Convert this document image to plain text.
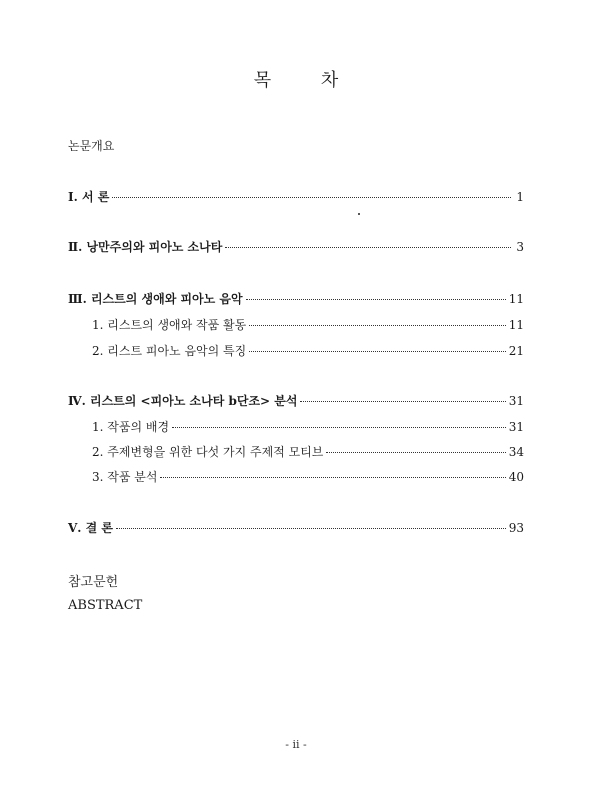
목 차
논문개요
Ⅰ. 서 론	1
Ⅱ. 낭만주의와 피아노 소나타	3
Ⅲ. 리스트의 생애와 피아노 음악	11
1. 리스트의 생애와 작품 활동	11
2. 리스트 피아노 음악의 특징	21
Ⅳ. 리스트의 <피아노 소나타 b단조> 분석	31
1. 작품의 배경	31
2. 주제변형을 위한 다섯 가지 주제적 모티브	34
3. 작품 분석	40
Ⅴ. 결 론	93
참고문헌
ABSTRACT
- ii -
